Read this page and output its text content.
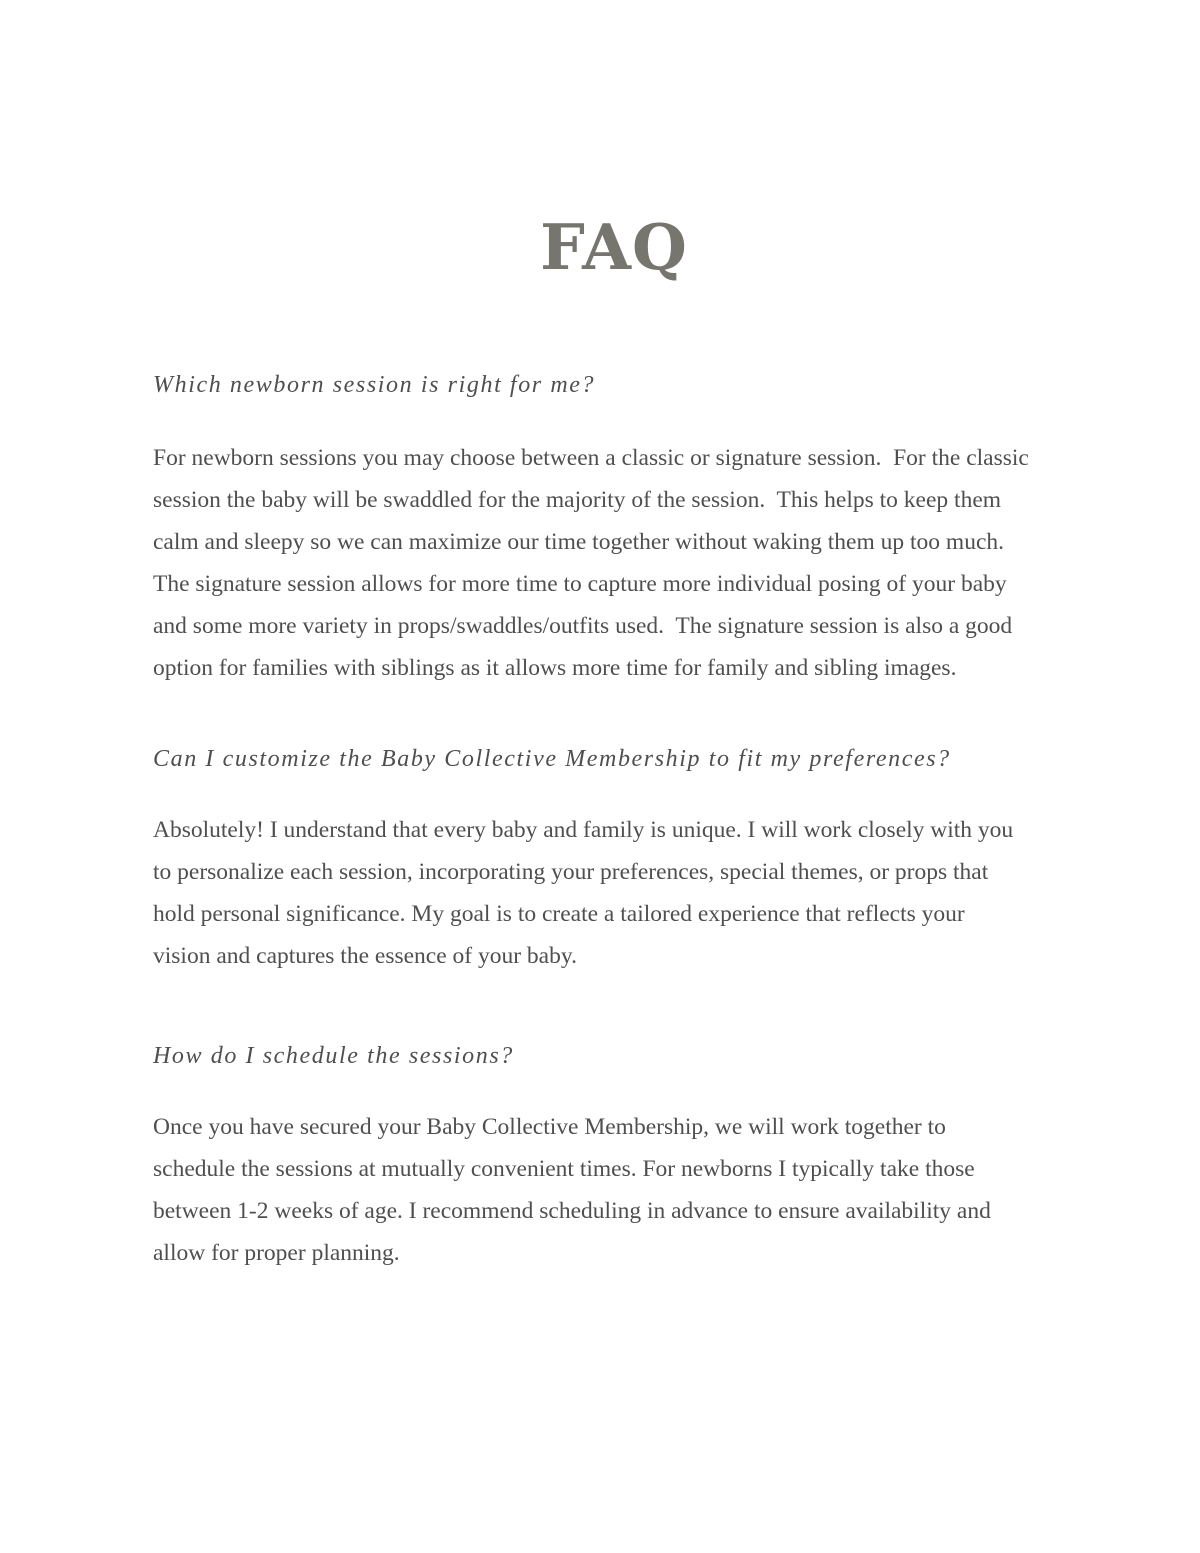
FAQ
Which newborn session is right for me?
For newborn sessions you may choose between a classic or signature session.  For the classic
session the baby will be swaddled for the majority of the session.  This helps to keep them
calm and sleepy so we can maximize our time together without waking them up too much.
The signature session allows for more time to capture more individual posing of your baby
and some more variety in props/swaddles/outfits used.  The signature session is also a good
option for families with siblings as it allows more time for family and sibling images.
Can I customize the Baby Collective Membership to fit my preferences?
Absolutely! I understand that every baby and family is unique. I will work closely with you
to personalize each session, incorporating your preferences, special themes, or props that
hold personal significance. My goal is to create a tailored experience that reflects your
vision and captures the essence of your baby.
How do I schedule the sessions?
Once you have secured your Baby Collective Membership, we will work together to
schedule the sessions at mutually convenient times. For newborns I typically take those
between 1-2 weeks of age. I recommend scheduling in advance to ensure availability and
allow for proper planning.
